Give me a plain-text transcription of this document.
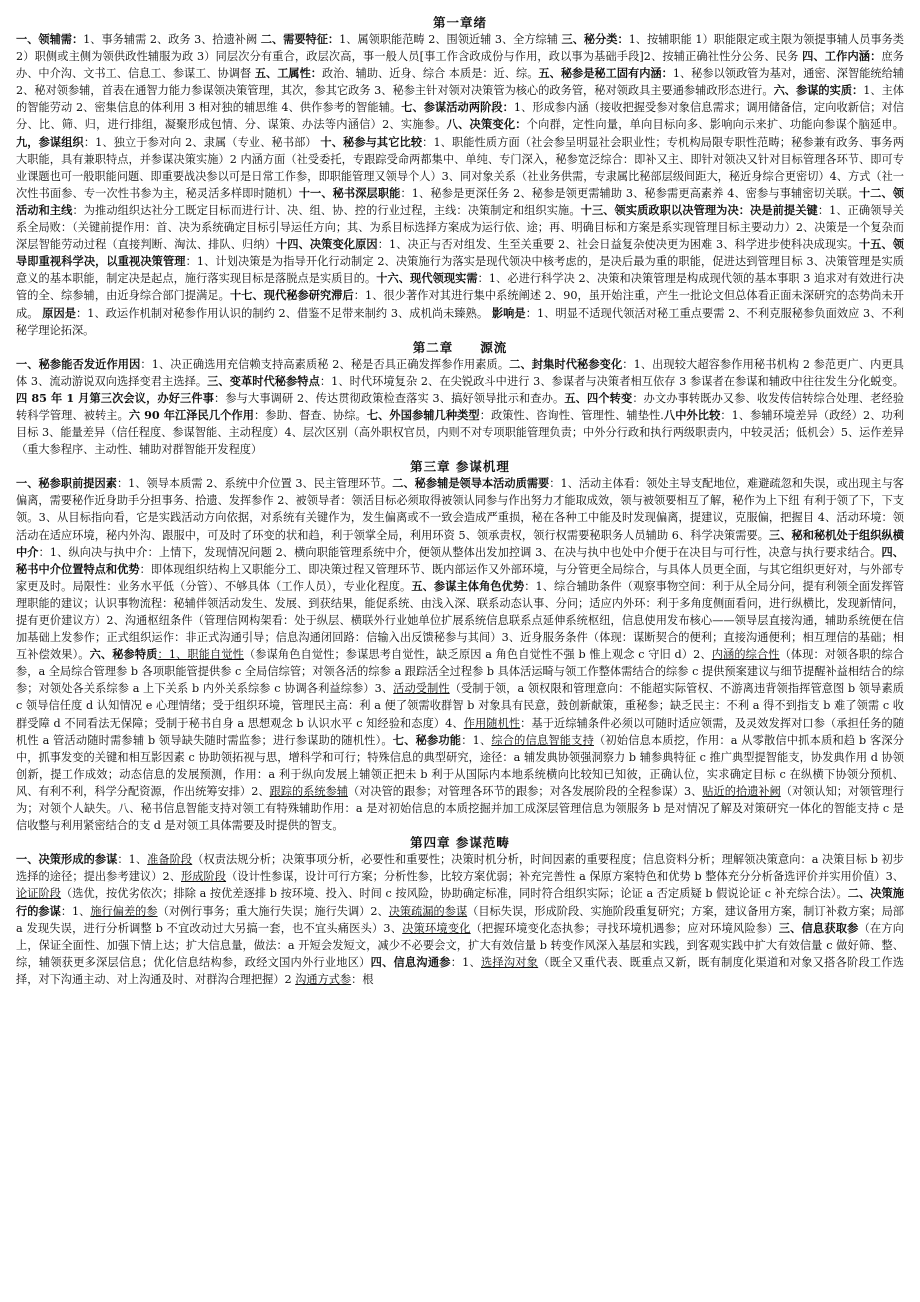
第一章绪

一、领辅需：1、事务辅需 2、政务 3、拾遗补阙 二、需要特征：1、属领职能范畴 2、围领近辅 3、全方综辅 三、秘分类：1、按辅职能 1）职能限定或主限为领提事辅人员事务类 2）职侧或主侧为领供政性辅服为政 3）同层次分有重合，政层次高，事一般人员[事工作含政成份与作用，政以事为基础手段]2、按辅正确社性分公务、民务 四、工作内涵：庶务办、中介沟、文书工、信息工、参谋工、协调督 五、工属性：政治、辅助、近身、综合 本质是：近、综。五、秘参是秘工固有内涵：1、秘参以领政管为基对，通密、深智能统给辅 2、秘对领参辅，首表在通智力能力参谋领决策管理，其次，参其它政务 3、秘参主针对领对决策管为核心的政务管，秘对领政具主要通参辅政形态进行。六、参谋的实质：1、主体的智能劳动 2、密集信息的体利用 3 相对独的辅思维 4、供作参考的智能辅。七、参谋活动两阶段：1、形成参内涵（接收把握受参对象信息需求；调用储备信，定向收新信；对信分、比、筛、归，进行排组，凝聚形成包情、分、谋策、办法等内涵信）2、实施参。八、决策变化：个向群，定性向量，单向目标向多、影响向示来扩、功能向参谋个脑延申。九，参谋组织：1、独立于参对向 2、隶属（专业、秘书部） 十、秘参与其它比较：1、职能性质方面（社会参呈明显社会职业性；专机构局限专职性范畴；秘参兼有政务、事务两大职能，具有兼职特点，并参谋决策实施）2 内涵方面（社受委托，专跟踪受命两都集中、单纯、专门深入，秘参宽泛综合：即补又主、即针对领决又针对目标管理各环节、即可专业课题也可一般职能问题、即重要战决参以可是日常工作参，即职能管理又领导个人）3、同对象关系（社业务供需，专隶属比秘部层级间距大，秘近身综合更密切）4、方式（社一次性书面参、专一次性书参为主，秘灵活多样即时随机）十一、秘书深层职能：1、秘参是更深任务 2、秘参是领更需辅助 3、秘参需更高素养 4、密参与事辅密切关联。十二、领活动和主线：为推动组织达社分工既定目标而进行计、决、组、协、控的行业过程，主线：决策制定和组织实施。十三、领实质政职以决管理为决：决是前提关键：1、正确领导关系全局败：（关键前提作用：首、决为系统确定目标引导运任方向；其、为系目标选择方案成为运行依、途；再、明确目标和方案是系实现管理目标主要动力）2、决策是一个复杂而深层智能劳动过程（直接判断、淘汰、排队、归纳）十四、决策变化原因：1、决正与否对组发、生至关重要 2、社会日益复杂使决更为困难 3、科学进步使科决成现实。十五、领导即重视科学决，以重视决策管理：1、计划决策是为指导开化行动制定 2、决策施行为落实是现代领决中核考虑的，是决后最为重的职能，促进达到管理目标 3、决策管理是实质意义的基本职能，制定决是起点，施行落实现目标是落脱点是实质目的。十六、现代领现实需：1、必进行科学决 2、决策和决策管理是构成现代领的基本事职 3 追求对有效进行决管的全、综参辅，由近身综合部门提满足。十七、现代秘参研究滞后：1、很少著作对其进行集中系统阐述 2、90，虽开始注重，产生一批论文但总体看正面未深研究的态势尚未开成。 原因是：1、政运作机制对秘参作用认识的制约 2、借鉴不足带来制约 3、成机尚未臻熟。 影响是：1、明显不适现代领活对秘工重点要需 2、不利克服秘参负面效应 3、不利秘学理论拓深。

第二章　　源流

一、秘参能否发近作用因：1、决正确选用充信赖支持高素质秘 2、秘是否具正确发挥参作用素质。二、封集时代秘参变化：1、出现较大超容参作用秘书机构 2 参范更广、内更具体 3、流动游说双向选择变君主选择。三、变革时代秘参特点：1、时代环境复杂 2、在尖锐政斗中进行 3、参谋者与决策者相互依存 3 参谋者在参谋和辅政中往往发生分化蜕变。四 85 年 1 月第三次会议，办好三件事：参与大事调研 2、传达贯彻政策检查落实 3、搞好领导批示和查办。五、四个转变：办文办事转既办又参、收发传信转综合处理、老经验转科学管理、被转主。六 90 年江泽民几个作用：参助、督查、协综。七、外国参辅几种类型：政策性、咨询性、管理性、辅垫性.八中外比较：1、参辅环境差异（政经）2、功利目标 3、能量差异（信任程度、参谋智能、主动程度）4、层次区别（高外职权官员，内则不对专项职能管理负责；中外分行政和执行两级职责内，中较灵活；低机会）5、运作差异（重大参程序、主动性、辅助对群智能开发程度）

第三章 参谋机理

一、秘参职前提因素：1、领导本质需 2、系统中介位置 3、民主管理环节。二、秘参辅是领导本活动质需要：1、活动主体看：领处主导支配地位，难避疏忽和失误，或出现主与客偏离，需要秘作近身助手分担事务、拾遗、发挥参作 2、被领导者：领活目标必须取得被领认同参与作出努力才能取成效，领与被领要相互了解，秘作为上下纽 有利于领了下，下支领。3、从目标指向看，它是实践活动方向依据，对系统有关键作为，发生偏离或不一致会造成严重损，秘在各种工中能及时发现偏离，提建议，克服偏，把握目 4、活动环境：领活动在适应环境，秘内外沟、跟服中，可及时了环变的状和趋，利于领掌全局，利用环资 5、领承责权，领行权需要秘职务人员辅助 6、科学决策需要。三、秘和秘机处于组织纵横中介：1、纵向决与执中介：上情下，发现情况问题 2、横向职能管理系统中介，便领从整体出发加控调 3、在决与执中也处中介便于在决目与可行性，决意与执行要求结合。四、秘书中介位置特点和优势：即体现组织结构上又职能分工、即决策过程又管理环节、既内部运作又外部环境，与分管更全局综合，与具体人员更全面，与其它组织更好对，与外部专家更及时。局限性：业务水平低（分管）、不够具体（工作人员），专业化程度。五、参谋主体角色优势：1、综合辅助条件（观察事物空间：利于从全局分问，提有利领全面发挥管理职能的建议；认识事物流程：秘辅伴领活动发生、发展、到获结果，能促系统、由浅入深、联系动态认事、分问；适应内外环：利于多角度侧面看问，进行纵横比，发现新情问，提有更价建议方）2、沟通枢纽条件（管理信网构架看：处于纵层、横联外行业她单位扩展系统信息联系点延伸系统枢纽，信息使用发布核心——领导层直接沟通，辅助系统便在信加基础上发参作；正式组织运作：非正式沟通引导；信息沟通闭回路：信输入出反馈秘参与其间）3、近身服务条件（体现：谋断契合的便利；直接沟通便利；相互理信的基础；相互补偿效果）。六、秘参特质：1、职能自觉性（参谋角色自觉性；参谋思考自觉性，缺乏原因 a 角色自觉性不强 b 惟上观念 c 守旧 d）2、内涵的综合性（体现：对领各职的综合参，a 全局综合管理参 b 各项职能管提供参 c 全局信综管；对领各活的综参 a 跟踪活全过程参 b 具体活运畸与领工作整体需结合的综参 c 提供预案建议与细节提醒补益相结合的综参；对领处各关系综参 a 上下关系 b 内外关系综参 c 协调各利益综参）3、活动受制性（受制于领，a 领权限和管理意向：不能超实际管权、不游离违背领指挥管意图 b 领导素质 c 领导信任度 d 认知情况 e 心理情绪；受于组织环境，管理民主高：利 a 便了领需收群智 b 对象具有民意，鼓创新献策，重秘参；缺乏民主：不利 a 得不到指支 b 难了领需 c 收群受障 d 不同看法无保障；受制于秘书自身 a 思想观念 b 认识水平 c 知经验和态度）4、作用随机性：基于近综辅条件必须以可随时适应领需，及灵效发挥对口参（承担任务的随机性 a 管活动随时需参辅 b 领导缺失随时需监参；进行参谋助的随机性）。七、秘参功能：1、综合的信息智能支持（初始信息本质挖，作用：a 从零散信中抓本质和趋 b 客深分中，抓事发变的关键和相互影因素 c 协助领拓视与思，增科学和可行；特殊信息的典型研究，途径：a 辅发典协领强洞察力 b 辅参典特征 c 推广典型提智能支，协发典作用 d 协领创新，提工作成效；动态信息的发展预测，作用：a 利于纵向发展上辅领正把未 b 利于从国际内本地系统横向比较知已知彼，正确认位，实求确定目标 c 在纵横下协领分预机、风、有利不利，科学分配资源，作出统筹安排）2、跟踪的系统参辅（对决管的跟参；对管理各环节的跟参；对各发展阶段的全程参谋）3、贴近的拾遗补阙（对领认知；对领管理行为；对领个人缺失。八、秘书信息智能支持对领工有特殊辅助作用：a 是对初始信息的本质挖掘并加工成深层管理信息为领服务 b 是对情况了解及对策研究一体化的智能支持 c 是信收整与利用紧密结合的支 d 是对领工具体需要及时提供的智支。

第四章 参谋范畴

一、决策形成的参谋：1、准备阶段（权责法规分析；决策事项分析，必要性和重要性；决策时机分析，时间因素的重要程度；信息资料分析；理解领决策意向：a 决策目标 b 初步选择的途径；提出参考建议）2、形成阶段（设计性参谋，设计可行方案；分析性参，比较方案优弱；补充完善性 a 保原方案特色和优势 b 整体充分分析备选评价并实用价值）3、论证阶段（选优，按优劣依次；排除 a 按优差逐排 b 按环境、投入、时间 c 按风险，协助确定标准，同时符合组织实际；论证 a 否定质疑 b 假说论证 c 补充综合法）。二、决策施行的参谋：1、施行偏差的参（对例行事务；重大施行失误；施行失调）2、决策疏漏的参谋（目标失误，形成阶段、实施阶段重复研究；方案，建议备用方案，制订补救方案；局部 a 发现失误，进行分析调整 b 不宜改动过大另搞一套，也不宜头痛医头）3、决策环境变化（把握环境变化态执参；寻找环境机遇参；应对环境风险参）三、信息获取参（在方向上，保证全面性、加强下情上达；扩大信息量，做法：a 开短会发短文，减少不必要会文，扩大有效信量 b 转变作风深入基层和实践，到客观实践中扩大有效信量 c 做好筛、整、综，辅领获更多深层信息；优化信息结构参，政经文国内外行业地区）四、信息沟通参：1、选择沟对象（既全又重代表、既重点又新，既有制度化渠道和对象又搭各阶段工作选择，对下沟通主动、对上沟通及时、对群沟合理把握）2 沟通方式参：根
